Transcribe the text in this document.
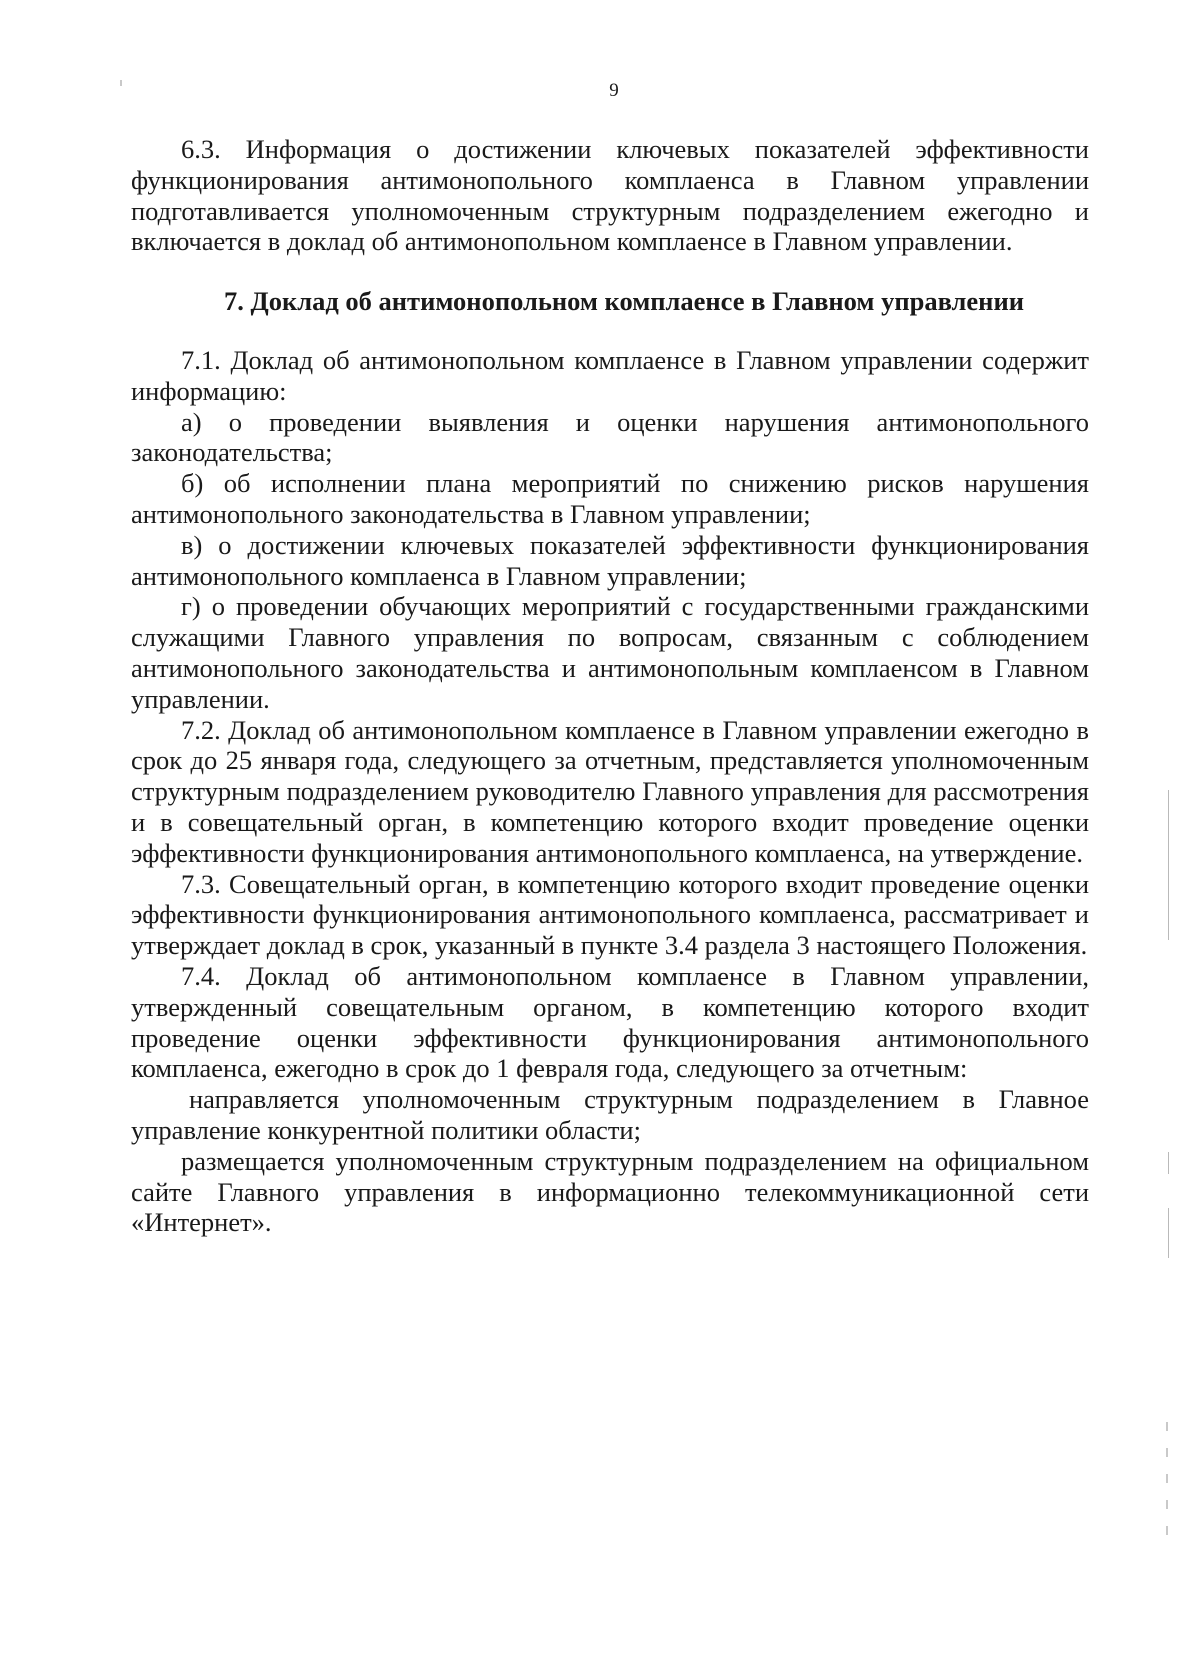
9

6.3. Информация о достижении ключевых показателей эффективности функционирования антимонопольного комплаенса в Главном управлении подготавливается уполномоченным структурным подразделением ежегодно и включается в доклад об антимонопольном комплаенсе в Главном управлении.

7. Доклад об антимонопольном комплаенсе в Главном управлении

7.1. Доклад об антимонопольном комплаенсе в Главном управлении содержит информацию:

а) о проведении выявления и оценки нарушения антимонопольного законодательства;

б) об исполнении плана мероприятий по снижению рисков нарушения антимонопольного законодательства в Главном управлении;

в) о достижении ключевых показателей эффективности функционирования антимонопольного комплаенса в Главном управлении;

г) о проведении обучающих мероприятий с государственными гражданскими служащими Главного управления по вопросам, связанным с соблюдением антимонопольного законодательства и антимонопольным комплаенсом в Главном управлении.

7.2. Доклад об антимонопольном комплаенсе в Главном управлении ежегодно в срок до 25 января года, следующего за отчетным, представляется уполномоченным структурным подразделением руководителю Главного управления для рассмотрения и в совещательный орган, в компетенцию которого входит проведение оценки эффективности функционирования антимонопольного комплаенса, на утверждение.

7.3. Совещательный орган, в компетенцию которого входит проведение оценки эффективности функционирования антимонопольного комплаенса, рассматривает и утверждает доклад в срок, указанный в пункте 3.4 раздела 3 настоящего Положения.

7.4. Доклад об антимонопольном комплаенсе в Главном управлении, утвержденный совещательным органом, в компетенцию которого входит проведение оценки эффективности функционирования антимонопольного комплаенса, ежегодно в срок до 1 февраля года, следующего за отчетным:

направляется уполномоченным структурным подразделением в Главное управление конкурентной политики области;

размещается уполномоченным структурным подразделением на официальном сайте Главного управления в информационно телекоммуникационной сети «Интернет».
